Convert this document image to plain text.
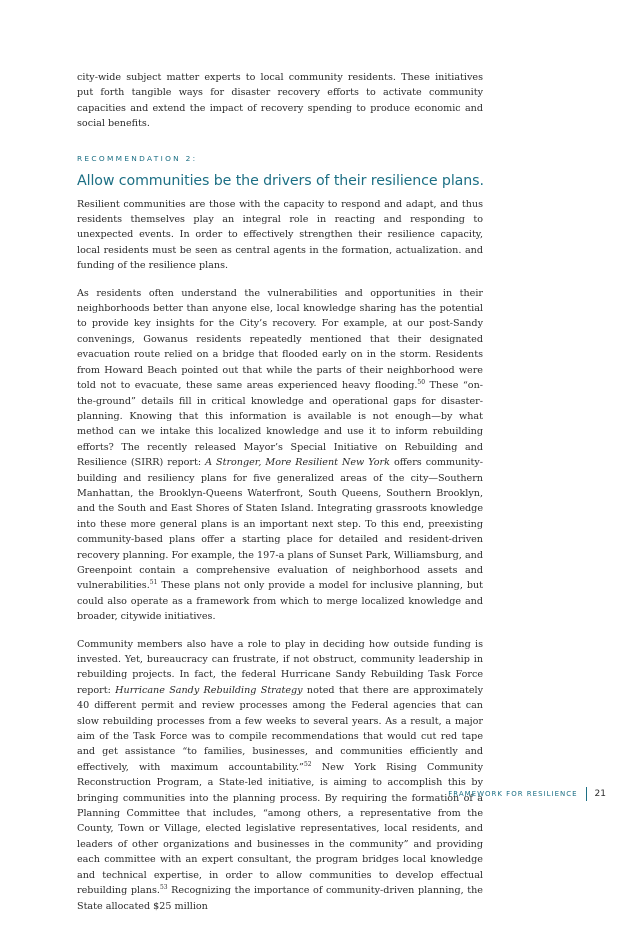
city-wide subject matter experts to local community residents. These initiatives put forth tangible ways for disaster recovery efforts to activate community capacities and extend the impact of recovery spending to produce economic and social benefits.

RECOMMENDATION 2:
Allow communities be the drivers of their resilience plans.

Resilient communities are those with the capacity to respond and adapt, and thus residents themselves play an integral role in reacting and responding to unexpected events. In order to effectively strengthen their resilience capacity, local residents must be seen as central agents in the formation, actualization. and funding of the resilience plans.

As residents often understand the vulnerabilities and opportunities in their neighborhoods better than anyone else, local knowledge sharing has the potential to provide key insights for the City’s recovery. For example, at our post-Sandy convenings, Gowanus residents repeatedly mentioned that their designated evacuation route relied on a bridge that flooded early on in the storm. Residents from Howard Beach pointed out that while the parts of their neighborhood were told not to evacuate, these same areas experienced heavy flooding.$^{50}$ These “on-the-ground” details fill in critical knowledge and operational gaps for disaster-planning. Knowing that this information is available is not enough—by what method can we intake this localized knowledge and use it to inform rebuilding efforts? The recently released Mayor’s Special Initiative on Rebuilding and Resilience (SIRR) report: A Stronger, More Resilient New York offers community-building and resiliency plans for five generalized areas of the city—Southern Manhattan, the Brooklyn-Queens Waterfront, South Queens, Southern Brooklyn, and the South and East Shores of Staten Island. Integrating grassroots knowledge into these more general plans is an important next step. To this end, preexisting community-based plans offer a starting place for detailed and resident-driven recovery planning. For example, the 197-a plans of Sunset Park, Williamsburg, and Greenpoint contain a comprehensive evaluation of neighborhood assets and vulnerabilities.$^{51}$ These plans not only provide a model for inclusive planning, but could also operate as a framework from which to merge localized knowledge and broader, citywide initiatives.

Community members also have a role to play in deciding how outside funding is invested. Yet, bureaucracy can frustrate, if not obstruct, community leadership in rebuilding projects. In fact, the federal Hurricane Sandy Rebuilding Task Force report: Hurricane Sandy Rebuilding Strategy noted that there are approximately 40 different permit and review processes among the Federal agencies that can slow rebuilding processes from a few weeks to several years. As a result, a major aim of the Task Force was to compile recommendations that would cut red tape and get assistance “to families, businesses, and communities efficiently and effectively, with maximum accountability.”$^{52}$ New York Rising Community Reconstruction Program, a State-led initiative, is aiming to accomplish this by bringing communities into the planning process. By requiring the formation of a Planning Committee that includes, “among others, a representative from the County, Town or Village, elected legislative representatives, local residents, and leaders of other organizations and businesses in the community” and providing each committee with an expert consultant, the program bridges local knowledge and technical expertise, in order to allow communities to develop effectual rebuilding plans.$^{53}$ Recognizing the importance of community-driven planning, the State allocated $25 million

FRAMEWORK FOR RESILIENCE 21
